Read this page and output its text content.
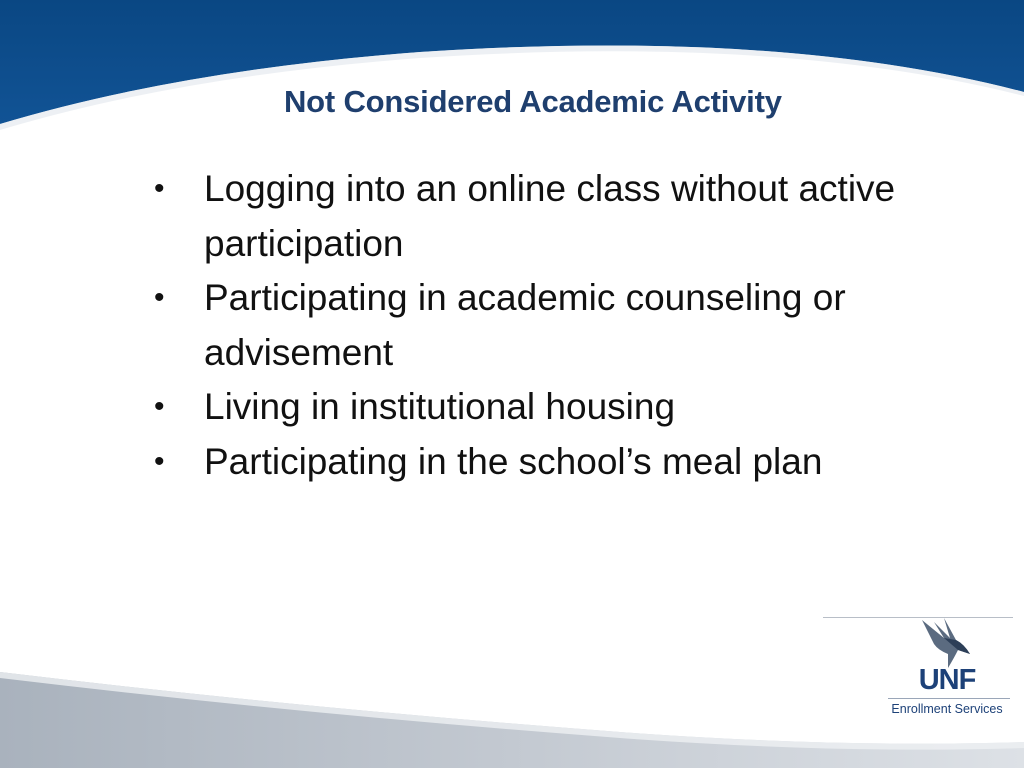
Not Considered Academic Activity
• Logging into an online class without active participation
• Participating in academic counseling or advisement
• Living in institutional housing
• Participating in the school’s meal plan
UNF
Enrollment Services
